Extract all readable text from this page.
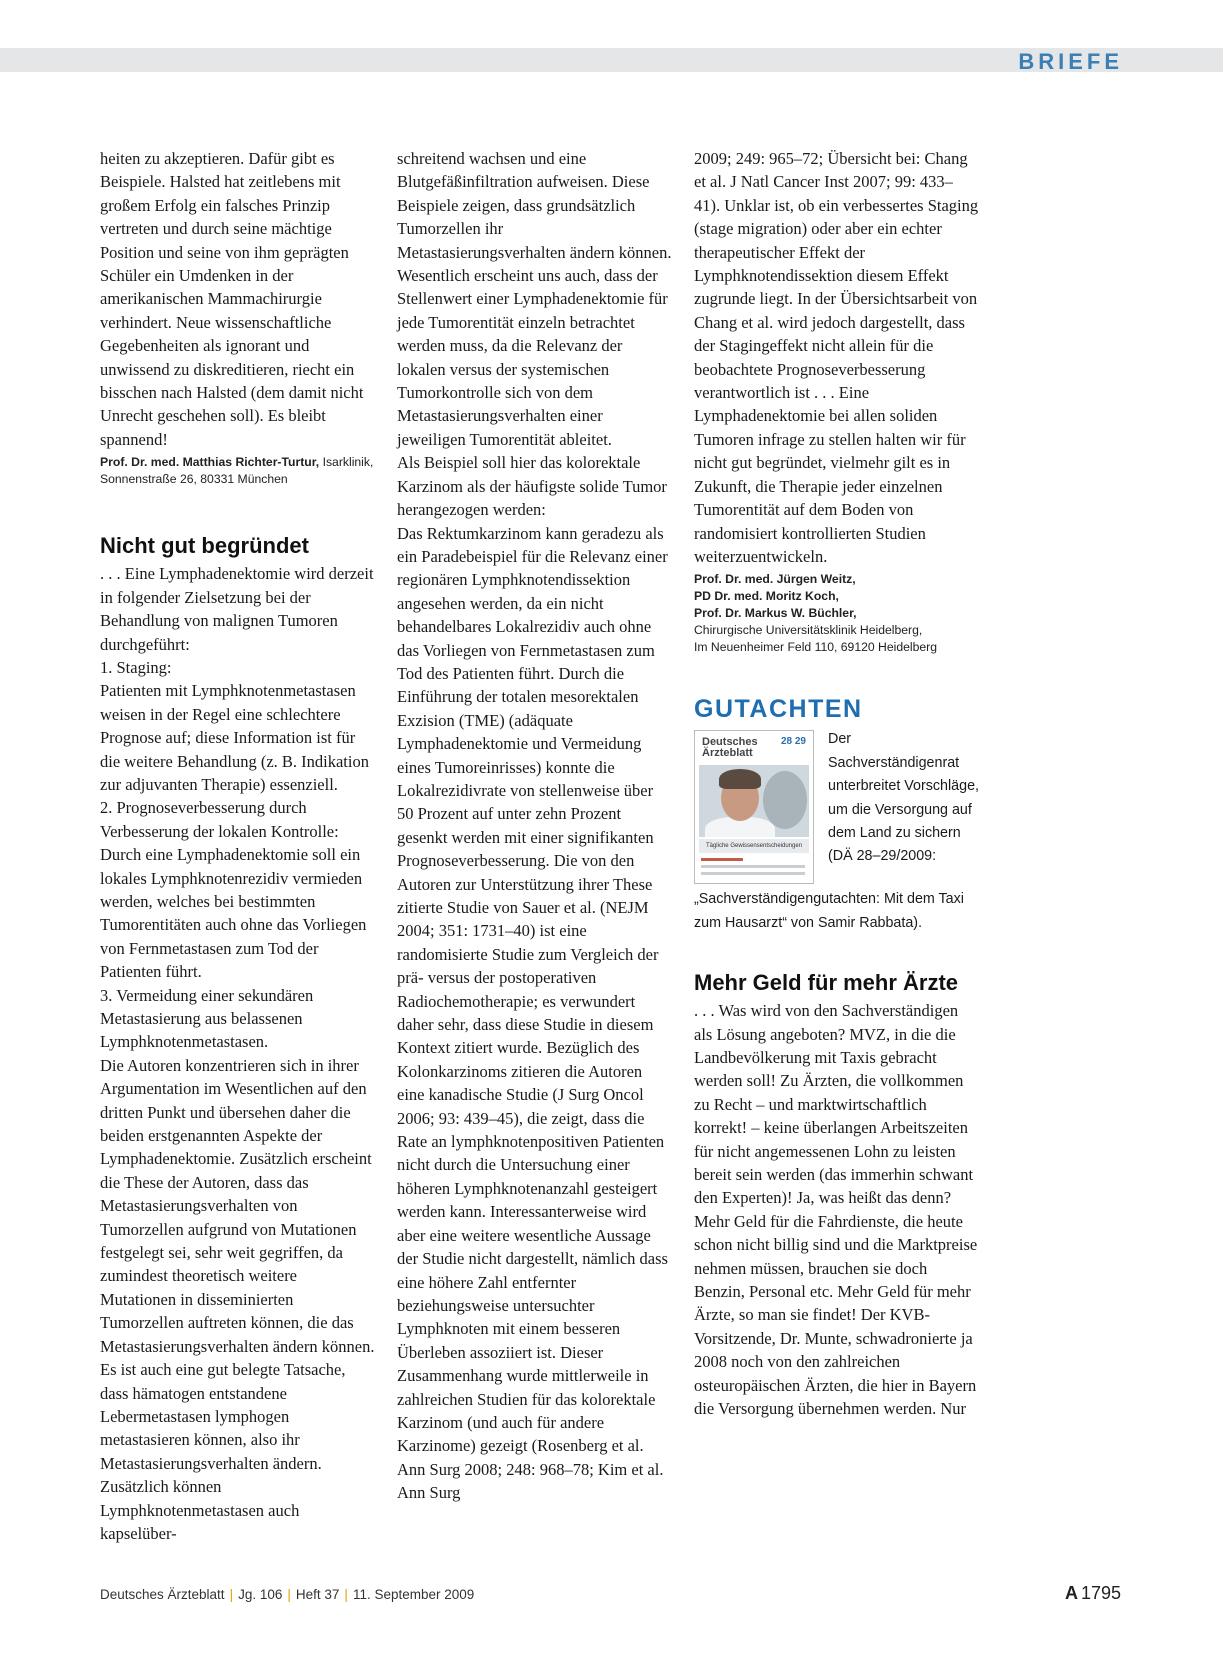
BRIEFE

heiten zu akzeptieren. Dafür gibt es Beispiele. Halsted hat zeitlebens mit großem Erfolg ein falsches Prinzip vertreten und durch seine mächtige Position und seine von ihm geprägten Schüler ein Umdenken in der amerikanischen Mammachirurgie verhindert. Neue wissenschaftliche Gegebenheiten als ignorant und unwissend zu diskreditieren, riecht ein bisschen nach Halsted (dem damit nicht Unrecht geschehen soll). Es bleibt spannend!

Prof. Dr. med. Matthias Richter-Turtur, Isarklinik, Sonnenstraße 26, 80331 München

Nicht gut begründet

. . . Eine Lymphadenektomie wird derzeit in folgender Zielsetzung bei der Behandlung von malignen Tumoren durchgeführt:

1. Staging:

Patienten mit Lymphknotenmetastasen weisen in der Regel eine schlechtere Prognose auf; diese Information ist für die weitere Behandlung (z. B. Indikation zur adjuvanten Therapie) essenziell.

2. Prognoseverbesserung durch Verbesserung der lokalen Kontrolle: Durch eine Lymphadenektomie soll ein lokales Lymphknotenrezidiv vermieden werden, welches bei bestimmten Tumorentitäten auch ohne das Vorliegen von Fernmetastasen zum Tod der Patienten führt.

3. Vermeidung einer sekundären Metastasierung aus belassenen Lymphknotenmetastasen.

Die Autoren konzentrieren sich in ihrer Argumentation im Wesentlichen auf den dritten Punkt und übersehen daher die beiden erstgenannten Aspekte der Lymphadenektomie. Zusätzlich erscheint die These der Autoren, dass das Metastasierungsverhalten von Tumorzellen aufgrund von Mutationen festgelegt sei, sehr weit gegriffen, da zumindest theoretisch weitere Mutationen in disseminierten Tumorzellen auftreten können, die das Metastasierungsverhalten ändern können. Es ist auch eine gut belegte Tatsache, dass hämatogen entstandene Lebermetastasen lymphogen metastasieren können, also ihr Metastasierungsverhalten ändern. Zusätzlich können Lymphknotenmetastasen auch kapselüber-

schreitend wachsen und eine Blutgefäßinfiltration aufweisen. Diese Beispiele zeigen, dass grundsätzlich Tumorzellen ihr Metastasierungsverhalten ändern können.

Wesentlich erscheint uns auch, dass der Stellenwert einer Lymphadenektomie für jede Tumorentität einzeln betrachtet werden muss, da die Relevanz der lokalen versus der systemischen Tumorkontrolle sich von dem Metastasierungsverhalten einer jeweiligen Tumorentität ableitet.

Als Beispiel soll hier das kolorektale Karzinom als der häufigste solide Tumor herangezogen werden:

Das Rektumkarzinom kann geradezu als ein Paradebeispiel für die Relevanz einer regionären Lymphknotendissektion angesehen werden, da ein nicht behandelbares Lokalrezidiv auch ohne das Vorliegen von Fernmetastasen zum Tod des Patienten führt. Durch die Einführung der totalen mesorektalen Exzision (TME) (adäquate Lymphadenektomie und Vermeidung eines Tumoreinrisses) konnte die Lokalrezidivrate von stellenweise über 50 Prozent auf unter zehn Prozent gesenkt werden mit einer signifikanten Prognoseverbesserung. Die von den Autoren zur Unterstützung ihrer These zitierte Studie von Sauer et al. (NEJM 2004; 351: 1731–40) ist eine randomisierte Studie zum Vergleich der prä- versus der postoperativen Radiochemotherapie; es verwundert daher sehr, dass diese Studie in diesem Kontext zitiert wurde. Bezüglich des Kolonkarzinoms zitieren die Autoren eine kanadische Studie (J Surg Oncol 2006; 93: 439–45), die zeigt, dass die Rate an lymphknotenpositiven Patienten nicht durch die Untersuchung einer höheren Lymphknotenanzahl gesteigert werden kann. Interessanterweise wird aber eine weitere wesentliche Aussage der Studie nicht dargestellt, nämlich dass eine höhere Zahl entfernter beziehungsweise untersuchter Lymphknoten mit einem besseren Überleben assoziiert ist. Dieser Zusammenhang wurde mittlerweile in zahlreichen Studien für das kolorektale Karzinom (und auch für andere Karzinome) gezeigt (Rosenberg et al. Ann Surg 2008; 248: 968–78; Kim et al. Ann Surg

2009; 249: 965–72; Übersicht bei: Chang et al. J Natl Cancer Inst 2007; 99: 433–41). Unklar ist, ob ein verbessertes Staging (stage migration) oder aber ein echter therapeutischer Effekt der Lymphknotendissektion diesem Effekt zugrunde liegt. In der Übersichtsarbeit von Chang et al. wird jedoch dargestellt, dass der Stagingeffekt nicht allein für die beobachtete Prognoseverbesserung verantwortlich ist . . . Eine Lymphadenektomie bei allen soliden Tumoren infrage zu stellen halten wir für nicht gut begründet, vielmehr gilt es in Zukunft, die Therapie jeder einzelnen Tumorentität auf dem Boden von randomisiert kontrollierten Studien weiterzuentwickeln.

Prof. Dr. med. Jürgen Weitz,
PD Dr. med. Moritz Koch,
Prof. Dr. Markus W. Büchler,
Chirurgische Universitätsklinik Heidelberg,
Im Neuenheimer Feld 110, 69120 Heidelberg
GUTACHTEN
Deutsches Ärzteblatt
28 29
Tägliche Gewissensentscheidungen

Der Sachverständigenrat unterbreitet Vorschläge, um die Versorgung auf dem Land zu sichern (DÄ 28–29/2009: „Sachverständigengutachten: Mit dem Taxi zum Hausarzt“ von Samir Rabbata).

Mehr Geld für mehr Ärzte

. . . Was wird von den Sachverständigen als Lösung angeboten? MVZ, in die die Landbevölkerung mit Taxis gebracht werden soll! Zu Ärzten, die vollkommen zu Recht – und marktwirtschaftlich korrekt! – keine überlangen Arbeitszeiten für nicht angemessenen Lohn zu leisten bereit sein werden (das immerhin schwant den Experten)! Ja, was heißt das denn? Mehr Geld für die Fahrdienste, die heute schon nicht billig sind und die Marktpreise nehmen müssen, brauchen sie doch Benzin, Personal etc. Mehr Geld für mehr Ärzte, so man sie findet! Der KVB-Vorsitzende, Dr. Munte, schwadronierte ja 2008 noch von den zahlreichen osteuropäischen Ärzten, die hier in Bayern die Versorgung übernehmen werden. Nur

Deutsches Ärzteblatt | Jg. 106 | Heft 37 | 11. September 2009	A 1795
